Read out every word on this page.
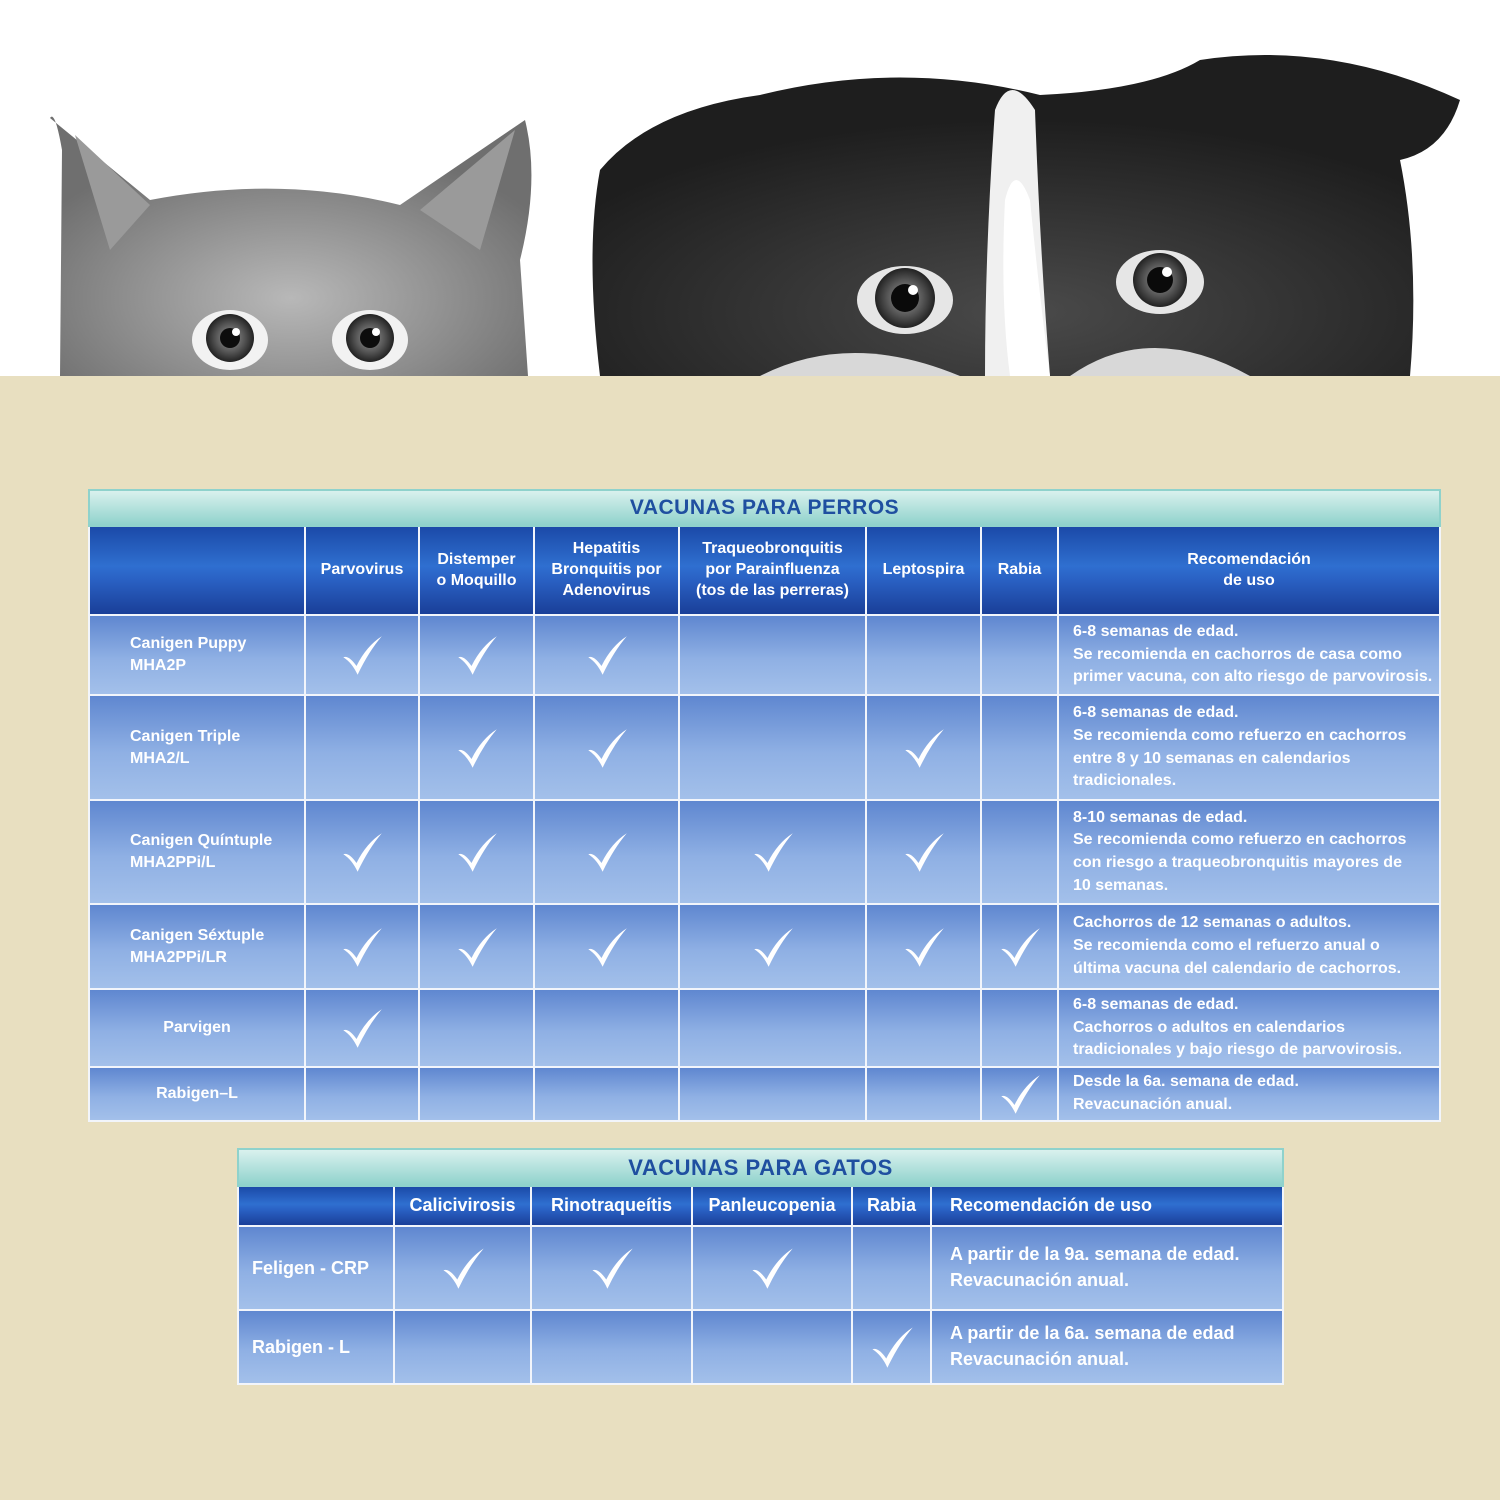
VACUNAS PARA PERROS							
	Parvovirus	Distemper
o Moquillo	Hepatitis
Bronquitis por
Adenovirus	Traqueobronquitis
por Parainfluenza
(tos de las perreras)	Leptospira	Rabia	Recomendación
de uso
Canigen Puppy
MHA2P							6-8 semanas de edad.
Se recomienda en cachorros de casa como
primer vacuna, con alto riesgo de parvovirosis.
Canigen Triple
MHA2/L							6-8 semanas de edad.
Se recomienda como refuerzo en cachorros
entre 8 y 10 semanas en calendarios
tradicionales.
Canigen Quíntuple
MHA2PPi/L							8-10 semanas de edad.
Se recomienda como refuerzo en cachorros
con riesgo a traqueobronquitis mayores de
10 semanas.
Canigen Séxtuple
MHA2PPi/LR							Cachorros de 12 semanas o adultos.
Se recomienda como el refuerzo anual o
última vacuna del calendario de cachorros.
Parvigen							6-8 semanas de edad.
Cachorros o adultos en calendarios
tradicionales y bajo riesgo de parvovirosis.
Rabigen–L							Desde la 6a. semana de edad.
Revacunación anual.
VACUNAS PARA GATOS					
	Calicivirosis	Rinotraqueítis	Panleucopenia	Rabia	Recomendación de uso
Feligen - CRP					A partir de la 9a. semana de edad.
Revacunación anual.
Rabigen - L					A partir de la 6a. semana de edad
Revacunación anual.
